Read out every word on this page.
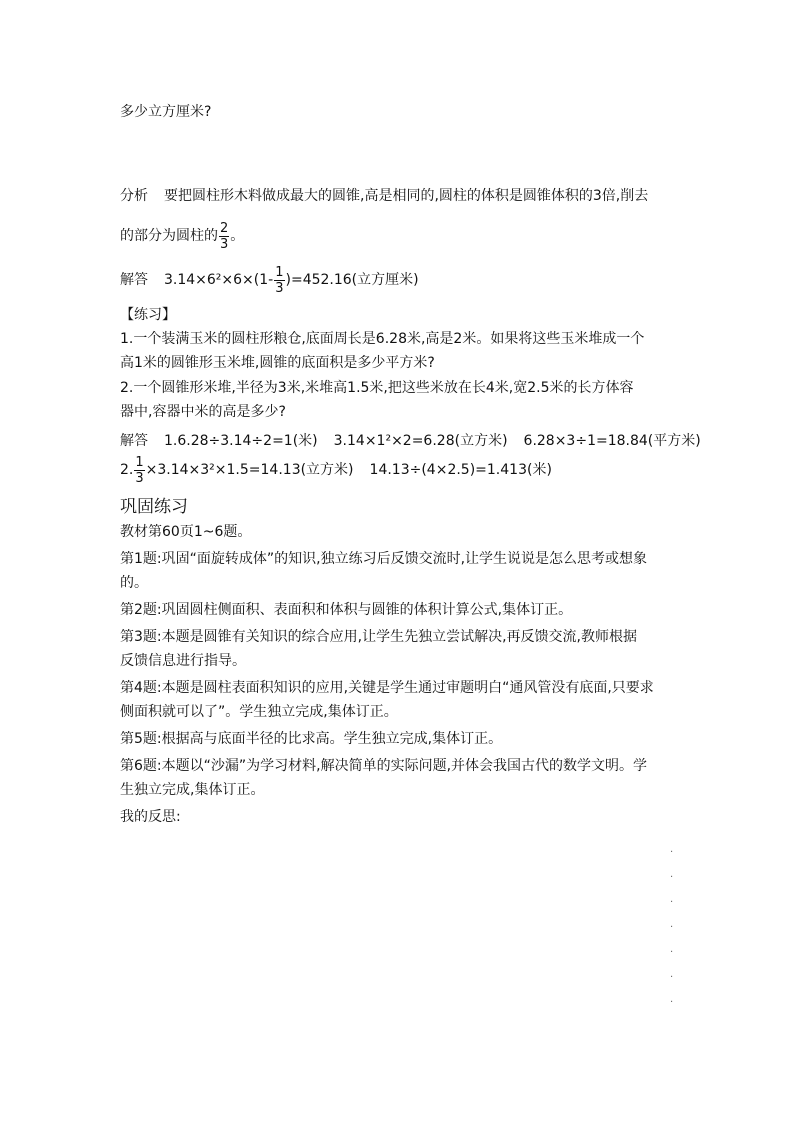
多少立方厘米?
分析 要把圆柱形木料做成最大的圆锥,高是相同的,圆柱的体积是圆锥体积的3倍,削去
的部分为圆柱的 $\frac{2}{3}$ 。
解答 $3.14\times 6^2\times 6\times(1- \frac{1}{3} )=452.16$(立方厘米)
【练习】
1.一个装满玉米的圆柱形粮仓,底面周长是6.28米,高是2米。如果将这些玉米堆成一个
高1米的圆锥形玉米堆,圆锥的底面积是多少平方米?
2.一个圆锥形米堆,半径为3米,米堆高1.5米,把这些米放在长4米,宽2.5米的长方体容
器中,容器中米的高是多少?
解答 1.6.28÷3.14÷2=1(米) 3.14×1²×2=6.28(立方米) 6.28×3÷1=18.84(平方米)
2. $\frac{1}{3} \times 3.14\times 3^2\times 1.5=14.13$(立方米) 14.13÷(4×2.5)=1.413(米)
巩固练习
教材第60页1~6题。
第1题:巩固“面旋转成体”的知识,独立练习后反馈交流时,让学生说说是怎么思考或想象
的。
第2题:巩固圆柱侧面积、表面积和体积与圆锥的体积计算公式,集体订正。
第3题:本题是圆锥有关知识的综合应用,让学生先独立尝试解决,再反馈交流,教师根据
反馈信息进行指导。
第4题:本题是圆柱表面积知识的应用,关键是学生通过审题明白“通风管没有底面,只要求
侧面积就可以了”。学生独立完成,集体订正。
第5题:根据高与底面半径的比求高。学生独立完成,集体订正。
第6题:本题以“沙漏”为学习材料,解决简单的实际问题,并体会我国古代的数学文明。学
生独立完成,集体订正。
我的反思:
.
.
.
.
.
.
.
